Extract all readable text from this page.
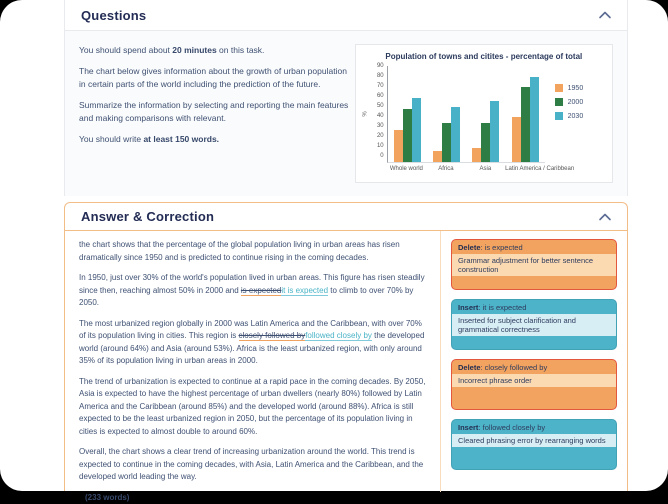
Questions

You should spend about 20 minutes on this task.

The chart below gives information about the growth of urban population in certain parts of the world including the prediction of the future.

Summarize the information by selecting and reporting the main features and making comparisons with relevant.

You should write at least 150 words.

Population of towns and citites - percentage of total
%
90
80
70
60
50
40
30
20
10
0
Whole world	Africa	Asia	Latin America / Caribbean
1950
2000
2030
Answer & Correction

the chart shows that the percentage of the global population living in urban areas has risen dramatically since 1950 and is predicted to continue rising in the coming decades.

In 1950, just over 30% of the world's population lived in urban areas. This figure has risen steadily since then, reaching almost 50% in 2000 and is expectedit is expected to climb to over 70% by 2050.

The most urbanized region globally in 2000 was Latin America and the Caribbean, with over 70% of its population living in cities. This region is closely followed byfollowed closely by the developed world (around 64%) and Asia (around 53%). Africa is the least urbanized region, with only around 35% of its population living in urban areas in 2000.

The trend of urbanization is expected to continue at a rapid pace in the coming decades. By 2050, Asia is expected to have the highest percentage of urban dwellers (nearly 80%) followed by Latin America and the Caribbean (around 85%) and the developed world (around 88%). Africa is still expected to be the least urbanized region in 2050, but the percentage of its population living in cities is expected to almost double to around 60%.

Overall, the chart shows a clear trend of increasing urbanization around the world. This trend is expected to continue in the coming decades, with Asia, Latin America and the Caribbean, and the developed world leading the way.

(233 words)

Delete: is expected
Grammar adjustment for better sentence construction
Insert: it is expected
Inserted for subject clarification and grammatical correctness
Delete: closely followed by
Incorrect phrase order
Insert: followed closely by
Cleared phrasing error by rearranging words
